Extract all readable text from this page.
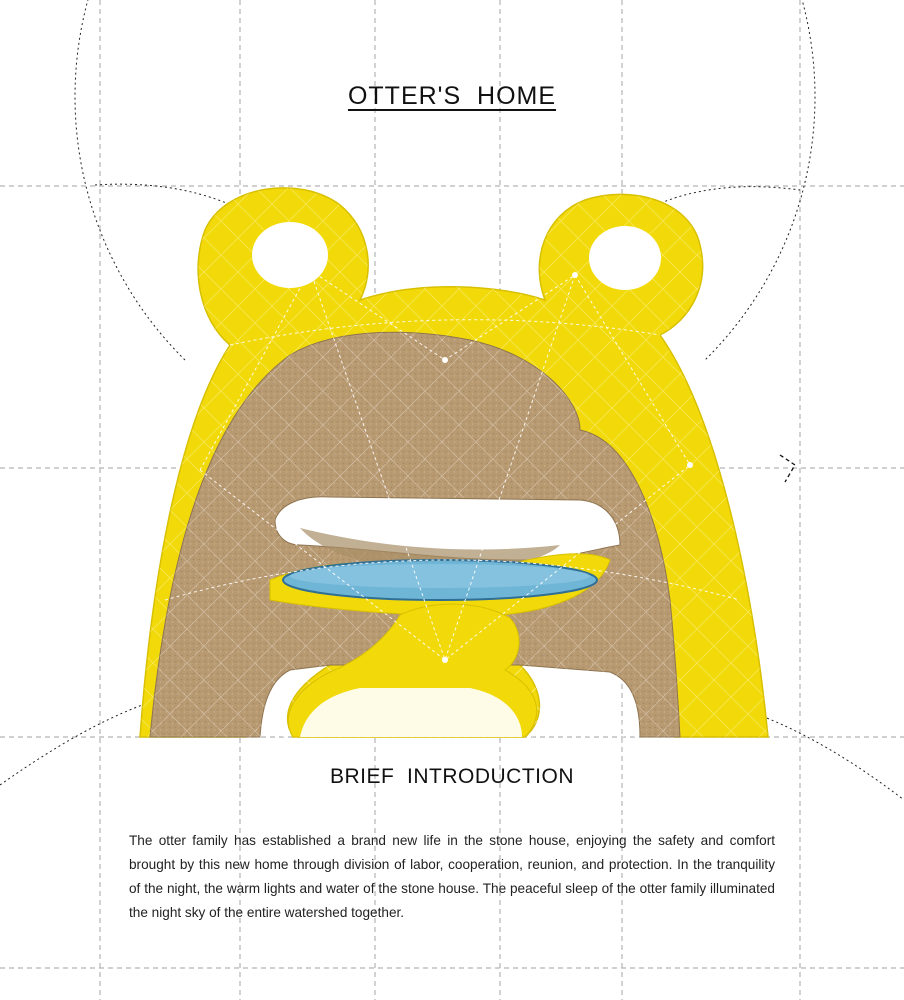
OTTER'S  HOME
BRIEF  INTRODUCTION

The otter family has established a brand new life in the stone house, enjoying the safety and comfort brought by this new home through division of labor, cooperation, reunion, and protection. In the tranquility of the night, the warm lights and water of the stone house. The peaceful sleep of the otter family illuminated the night sky of the entire watershed together.
